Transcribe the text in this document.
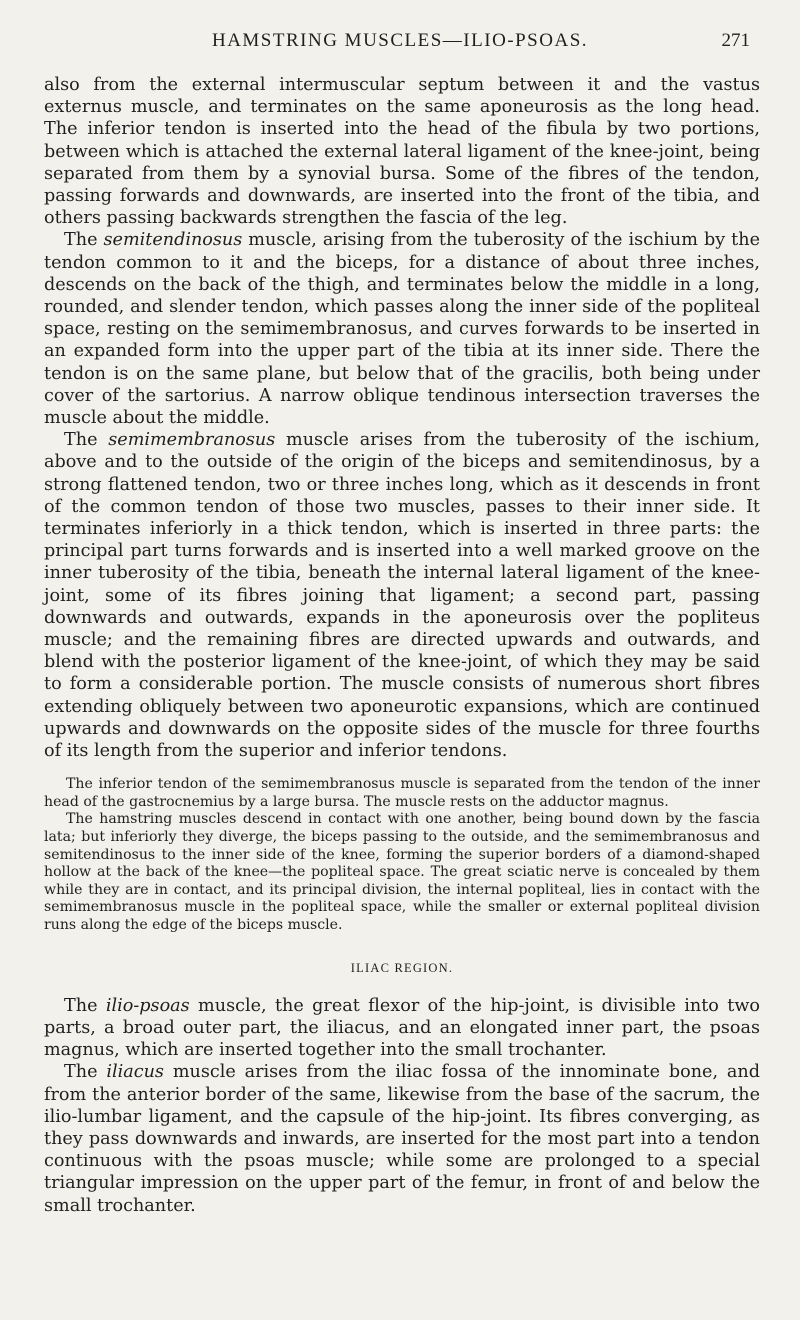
HAMSTRING MUSCLES—ILIO-PSOAS.	271

also from the external intermuscular septum between it and the vastus externus muscle, and terminates on the same aponeurosis as the long head. The inferior tendon is inserted into the head of the fibula by two portions, between which is attached the external lateral ligament of the knee-joint, being separated from them by a synovial bursa. Some of the fibres of the tendon, passing forwards and downwards, are inserted into the front of the tibia, and others passing backwards strengthen the fascia of the leg.

The semitendinosus muscle, arising from the tuberosity of the ischium by the tendon common to it and the biceps, for a distance of about three inches, descends on the back of the thigh, and terminates below the middle in a long, rounded, and slender tendon, which passes along the inner side of the popliteal space, resting on the semimembranosus, and curves forwards to be inserted in an expanded form into the upper part of the tibia at its inner side. There the tendon is on the same plane, but below that of the gracilis, both being under cover of the sartorius. A narrow oblique tendinous intersection traverses the muscle about the middle.

The semimembranosus muscle arises from the tuberosity of the ischium, above and to the outside of the origin of the biceps and semitendinosus, by a strong flattened tendon, two or three inches long, which as it descends in front of the common tendon of those two muscles, passes to their inner side. It terminates inferiorly in a thick tendon, which is inserted in three parts: the principal part turns forwards and is inserted into a well marked groove on the inner tuberosity of the tibia, beneath the internal lateral ligament of the knee-joint, some of its fibres joining that ligament; a second part, passing downwards and outwards, expands in the aponeurosis over the popliteus muscle; and the remaining fibres are directed upwards and outwards, and blend with the posterior ligament of the knee-joint, of which they may be said to form a considerable portion. The muscle consists of numerous short fibres extending obliquely between two aponeurotic expansions, which are continued upwards and downwards on the opposite sides of the muscle for three fourths of its length from the superior and inferior tendons.

The inferior tendon of the semimembranosus muscle is separated from the tendon of the inner head of the gastrocnemius by a large bursa. The muscle rests on the adductor magnus.

The hamstring muscles descend in contact with one another, being bound down by the fascia lata; but inferiorly they diverge, the biceps passing to the outside, and the semimembranosus and semitendinosus to the inner side of the knee, forming the superior borders of a diamond-shaped hollow at the back of the knee—the popliteal space. The great sciatic nerve is concealed by them while they are in contact, and its principal division, the internal popliteal, lies in contact with the semimembranosus muscle in the popliteal space, while the smaller or external popliteal division runs along the edge of the biceps muscle.

ILIAC REGION.

The ilio-psoas muscle, the great flexor of the hip-joint, is divisible into two parts, a broad outer part, the iliacus, and an elongated inner part, the psoas magnus, which are inserted together into the small trochanter.

The iliacus muscle arises from the iliac fossa of the innominate bone, and from the anterior border of the same, likewise from the base of the sacrum, the ilio-lumbar ligament, and the capsule of the hip-joint. Its fibres converging, as they pass downwards and inwards, are inserted for the most part into a tendon continuous with the psoas muscle; while some are prolonged to a special triangular impression on the upper part of the femur, in front of and below the small trochanter.
